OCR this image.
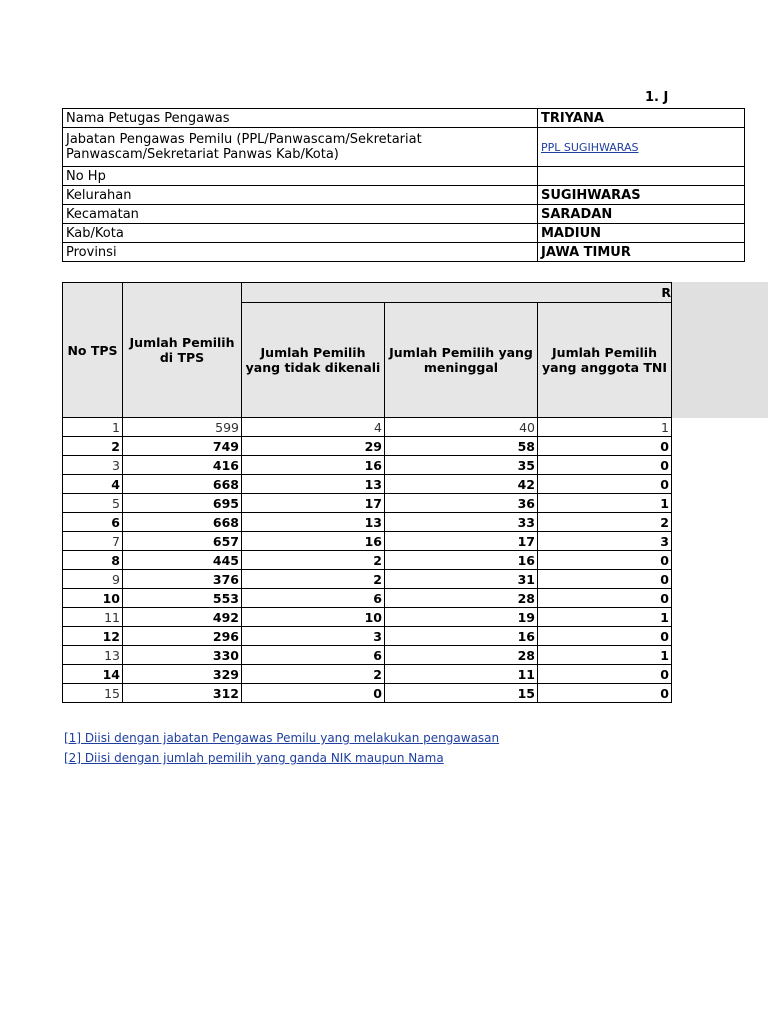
1. J
Nama Petugas Pengawas	TRIYANA
Jabatan Pengawas Pemilu (PPL/Panwascam/Sekretariat Panwascam/Sekretariat Panwas Kab/Kota)	PPL SUGIHWARAS
No Hp	
Kelurahan	SUGIHWARAS
Kecamatan	SARADAN
Kab/Kota	MADIUN
Provinsi	JAWA TIMUR
No TPS	Jumlah Pemilih di TPS	R		
		Jumlah Pemilih yang tidak dikenali	Jumlah Pemilih yang meninggal	Jumlah Pemilih yang anggota TNI
1	599	4	40	1
2	749	29	58	0
3	416	16	35	0
4	668	13	42	0
5	695	17	36	1
6	668	13	33	2
7	657	16	17	3
8	445	2	16	0
9	376	2	31	0
10	553	6	28	0
11	492	10	19	1
12	296	3	16	0
13	330	6	28	1
14	329	2	11	0
15	312	0	15	0
[1] Diisi dengan jabatan Pengawas Pemilu yang melakukan pengawasan
[2] Diisi dengan jumlah pemilih yang ganda NIK maupun Nama
